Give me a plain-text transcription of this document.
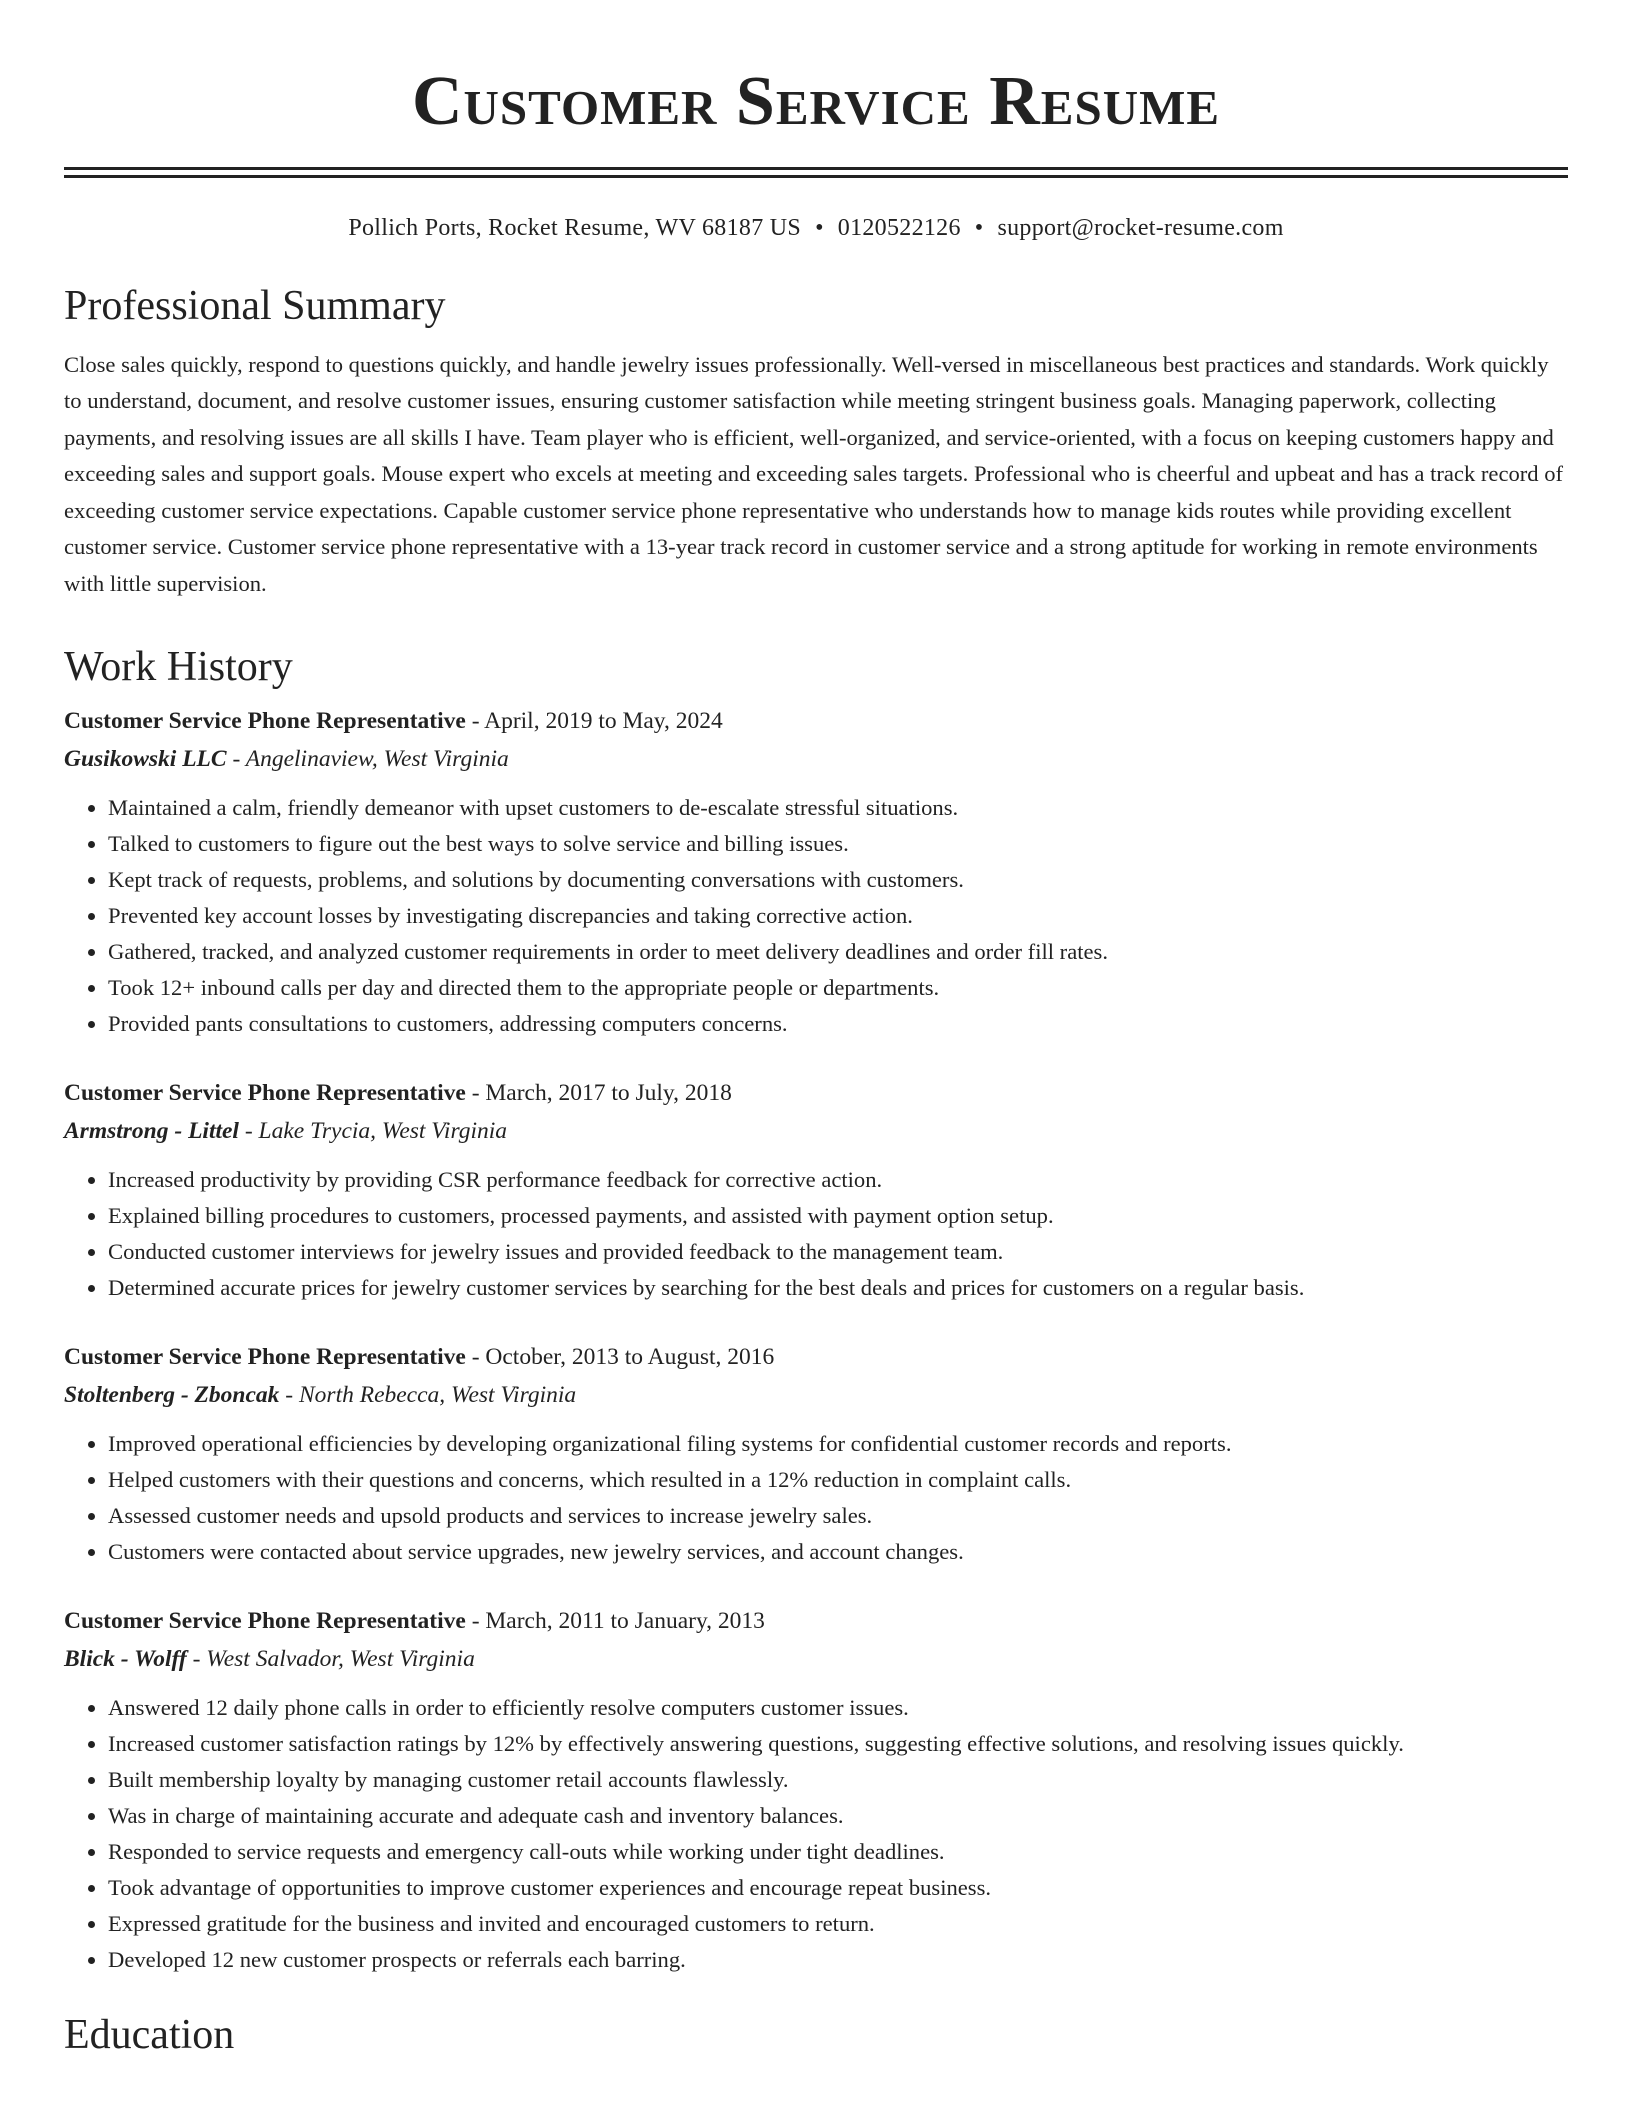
Customer Service Resume
Pollich Ports, Rocket Resume, WV 68187 US • 0120522126 • support@rocket-resume.com
Professional Summary

Close sales quickly, respond to questions quickly, and handle jewelry issues professionally. Well-versed in miscellaneous best practices and standards. Work quickly to understand, document, and resolve customer issues, ensuring customer satisfaction while meeting stringent business goals. Managing paperwork, collecting payments, and resolving issues are all skills I have. Team player who is efficient, well-organized, and service-oriented, with a focus on keeping customers happy and exceeding sales and support goals. Mouse expert who excels at meeting and exceeding sales targets. Professional who is cheerful and upbeat and has a track record of exceeding customer service expectations. Capable customer service phone representative who understands how to manage kids routes while providing excellent customer service. Customer service phone representative with a 13-year track record in customer service and a strong aptitude for working in remote environments with little supervision.

Work History
Customer Service Phone Representative - April, 2019 to May, 2024
Gusikowski LLC - Angelinaview, West Virginia
• Maintained a calm, friendly demeanor with upset customers to de-escalate stressful situations.
• Talked to customers to figure out the best ways to solve service and billing issues.
• Kept track of requests, problems, and solutions by documenting conversations with customers.
• Prevented key account losses by investigating discrepancies and taking corrective action.
• Gathered, tracked, and analyzed customer requirements in order to meet delivery deadlines and order fill rates.
• Took 12+ inbound calls per day and directed them to the appropriate people or departments.
• Provided pants consultations to customers, addressing computers concerns.
Customer Service Phone Representative - March, 2017 to July, 2018
Armstrong - Littel - Lake Trycia, West Virginia
• Increased productivity by providing CSR performance feedback for corrective action.
• Explained billing procedures to customers, processed payments, and assisted with payment option setup.
• Conducted customer interviews for jewelry issues and provided feedback to the management team.
• Determined accurate prices for jewelry customer services by searching for the best deals and prices for customers on a regular basis.
Customer Service Phone Representative - October, 2013 to August, 2016
Stoltenberg - Zboncak - North Rebecca, West Virginia
• Improved operational efficiencies by developing organizational filing systems for confidential customer records and reports.
• Helped customers with their questions and concerns, which resulted in a 12% reduction in complaint calls.
• Assessed customer needs and upsold products and services to increase jewelry sales.
• Customers were contacted about service upgrades, new jewelry services, and account changes.
Customer Service Phone Representative - March, 2011 to January, 2013
Blick - Wolff - West Salvador, West Virginia
• Answered 12 daily phone calls in order to efficiently resolve computers customer issues.
• Increased customer satisfaction ratings by 12% by effectively answering questions, suggesting effective solutions, and resolving issues quickly.
• Built membership loyalty by managing customer retail accounts flawlessly.
• Was in charge of maintaining accurate and adequate cash and inventory balances.
• Responded to service requests and emergency call-outs while working under tight deadlines.
• Took advantage of opportunities to improve customer experiences and encourage repeat business.
• Expressed gratitude for the business and invited and encouraged customers to return.
• Developed 12 new customer prospects or referrals each barring.
Education
